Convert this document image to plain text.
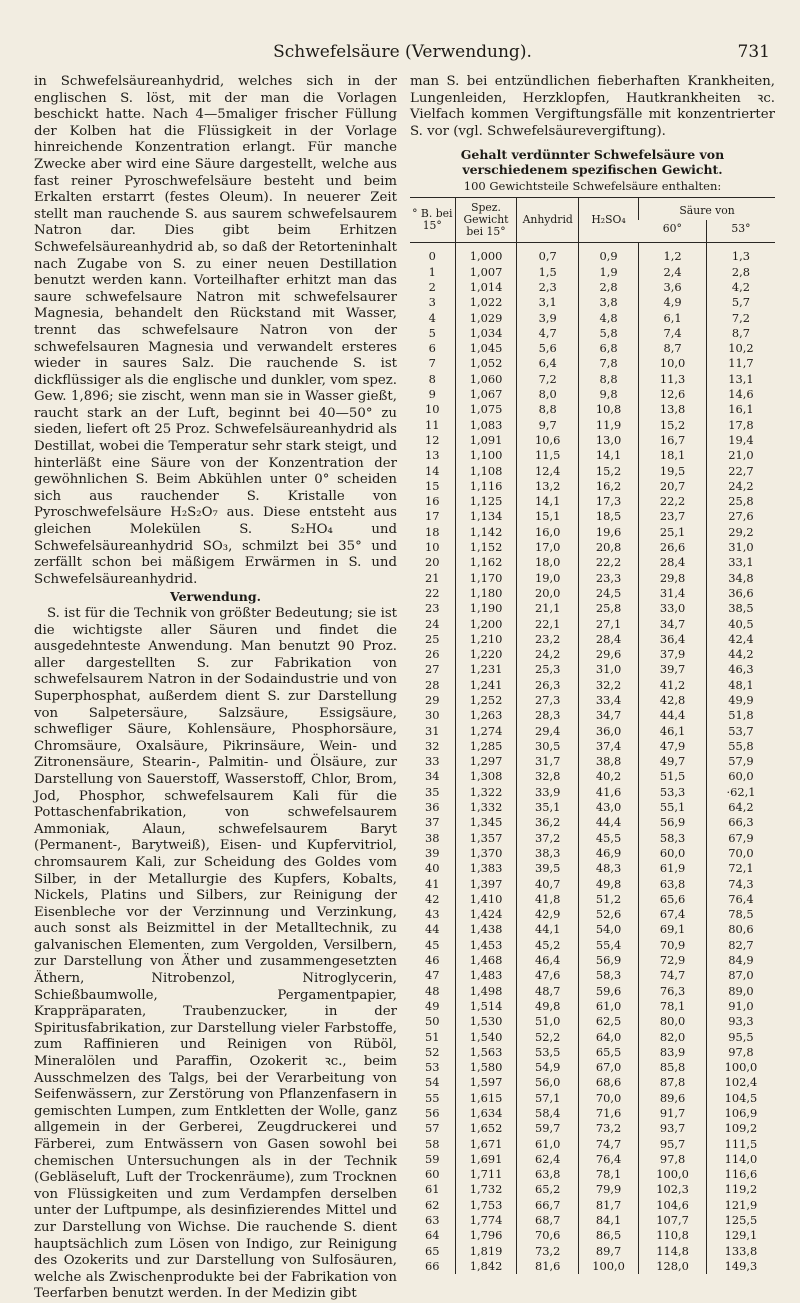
Schwefelsäure (Verwendung).	731

in Schwefelsäureanhydrid, welches sich in der englischen S. löst, mit der man die Vorlagen beschickt hatte. Nach 4—5maliger frischer Füllung der Kolben hat die Flüssigkeit in der Vorlage hinreichende Konzentration erlangt. Für manche Zwecke aber wird eine Säure dargestellt, welche aus fast reiner Pyroschwefelsäure besteht und beim Erkalten erstarrt (festes Oleum). In neuerer Zeit stellt man rauchende S. aus saurem schwefelsaurem Natron dar. Dies gibt beim Erhitzen Schwefelsäureanhydrid ab, so daß der Retorteninhalt nach Zugabe von S. zu einer neuen Destillation benutzt werden kann. Vorteilhafter erhitzt man das saure schwefelsaure Natron mit schwefelsaurer Magnesia, behandelt den Rückstand mit Wasser, trennt das schwefelsaure Natron von der schwefelsauren Magnesia und verwandelt ersteres wieder in saures Salz. Die rauchende S. ist dickflüssiger als die englische und dunkler, vom spez. Gew. 1,896; sie zischt, wenn man sie in Wasser gießt, raucht stark an der Luft, beginnt bei 40—50° zu sieden, liefert oft 25 Proz. Schwefelsäureanhydrid als Destillat, wobei die Temperatur sehr stark steigt, und hinterläßt eine Säure von der Konzentration der gewöhnlichen S. Beim Abkühlen unter 0° scheiden sich aus rauchender S. Kristalle von Pyroschwefelsäure H₂S₂O₇ aus. Diese entsteht aus gleichen Molekülen S. S₂HO₄ und Schwefelsäureanhydrid SO₃, schmilzt bei 35° und zerfällt schon bei mäßigem Erwärmen in S. und Schwefelsäureanhydrid.

Verwendung.

S. ist für die Technik von größter Bedeutung; sie ist die wichtigste aller Säuren und findet die ausgedehnteste Anwendung. Man benutzt 90 Proz. aller dargestellten S. zur Fabrikation von schwefelsaurem Natron in der Sodaindustrie und von Superphosphat, außerdem dient S. zur Darstellung von Salpetersäure, Salzsäure, Essigsäure, schwefliger Säure, Kohlensäure, Phosphorsäure, Chromsäure, Oxalsäure, Pikrinsäure, Wein- und Zitronensäure, Stearin-, Palmitin- und Ölsäure, zur Darstellung von Sauerstoff, Wasserstoff, Chlor, Brom, Jod, Phosphor, schwefelsaurem Kali für die Pottaschenfabrikation, von schwefelsaurem Ammoniak, Alaun, schwefelsaurem Baryt (Permanent-, Barytweiß), Eisen- und Kupfervitriol, chromsaurem Kali, zur Scheidung des Goldes vom Silber, in der Metallurgie des Kupfers, Kobalts, Nickels, Platins und Silbers, zur Reinigung der Eisenbleche vor der Verzinnung und Verzinkung, auch sonst als Beizmittel in der Metalltechnik, zu galvanischen Elementen, zum Vergolden, Versilbern, zur Darstellung von Äther und zusammengesetzten Äthern, Nitrobenzol, Nitroglycerin, Schießbaumwolle, Pergamentpapier, Krappräparaten, Traubenzucker, in der Spiritusfabrikation, zur Darstellung vieler Farbstoffe, zum Raffinieren und Reinigen von Rüböl, Mineralölen und Paraffin, Ozokerit ꝛc., beim Ausschmelzen des Talgs, bei der Verarbeitung von Seifenwässern, zur Zerstörung von Pflanzenfasern in gemischten Lumpen, zum Entkletten der Wolle, ganz allgemein in der Gerberei, Zeugdruckerei und Färberei, zum Entwässern von Gasen sowohl bei chemischen Untersuchungen als in der Technik (Gebläseluft, Luft der Trockenräume), zum Trocknen von Flüssigkeiten und zum Verdampfen derselben unter der Luftpumpe, als desinfizierendes Mittel und zur Darstellung von Wichse. Die rauchende S. dient hauptsächlich zum Lösen von Indigo, zur Reinigung des Ozokerits und zur Darstellung von Sulfosäuren, welche als Zwischenprodukte bei der Fabrikation von Teerfarben benutzt werden. In der Medizin gibt

man S. bei entzündlichen fieberhaften Krankheiten, Lungenleiden, Herzklopfen, Hautkrankheiten ꝛc. Vielfach kommen Vergiftungsfälle mit konzentrierter S. vor (vgl. Schwefelsäurevergiftung).

Gehalt verdünnter Schwefelsäure von verschiedenem spezifischen Gewicht.

100 Gewichtsteile Schwefelsäure enthalten:

° B. bei 15°	Spez. Gewicht bei 15°	Anhydrid	H₂SO₄	Säure von	
				60°	53°
0	1,000	0,7	0,9	1,2	1,3
1	1,007	1,5	1,9	2,4	2,8
2	1,014	2,3	2,8	3,6	4,2
3	1,022	3,1	3,8	4,9	5,7
4	1,029	3,9	4,8	6,1	7,2
5	1,034	4,7	5,8	7,4	8,7
6	1,045	5,6	6,8	8,7	10,2
7	1,052	6,4	7,8	10,0	11,7
8	1,060	7,2	8,8	11,3	13,1
9	1,067	8,0	9,8	12,6	14,6
10	1,075	8,8	10,8	13,8	16,1
11	1,083	9,7	11,9	15,2	17,8
12	1,091	10,6	13,0	16,7	19,4
13	1,100	11,5	14,1	18,1	21,0
14	1,108	12,4	15,2	19,5	22,7
15	1,116	13,2	16,2	20,7	24,2
16	1,125	14,1	17,3	22,2	25,8
17	1,134	15,1	18,5	23,7	27,6
18	1,142	16,0	19,6	25,1	29,2
10	1,152	17,0	20,8	26,6	31,0
20	1,162	18,0	22,2	28,4	33,1
21	1,170	19,0	23,3	29,8	34,8
22	1,180	20,0	24,5	31,4	36,6
23	1,190	21,1	25,8	33,0	38,5
24	1,200	22,1	27,1	34,7	40,5
25	1,210	23,2	28,4	36,4	42,4
26	1,220	24,2	29,6	37,9	44,2
27	1,231	25,3	31,0	39,7	46,3
28	1,241	26,3	32,2	41,2	48,1
29	1,252	27,3	33,4	42,8	49,9
30	1,263	28,3	34,7	44,4	51,8
31	1,274	29,4	36,0	46,1	53,7
32	1,285	30,5	37,4	47,9	55,8
33	1,297	31,7	38,8	49,7	57,9
34	1,308	32,8	40,2	51,5	60,0
35	1,322	33,9	41,6	53,3	·62,1
36	1,332	35,1	43,0	55,1	64,2
37	1,345	36,2	44,4	56,9	66,3
38	1,357	37,2	45,5	58,3	67,9
39	1,370	38,3	46,9	60,0	70,0
40	1,383	39,5	48,3	61,9	72,1
41	1,397	40,7	49,8	63,8	74,3
42	1,410	41,8	51,2	65,6	76,4
43	1,424	42,9	52,6	67,4	78,5
44	1,438	44,1	54,0	69,1	80,6
45	1,453	45,2	55,4	70,9	82,7
46	1,468	46,4	56,9	72,9	84,9
47	1,483	47,6	58,3	74,7	87,0
48	1,498	48,7	59,6	76,3	89,0
49	1,514	49,8	61,0	78,1	91,0
50	1,530	51,0	62,5	80,0	93,3
51	1,540	52,2	64,0	82,0	95,5
52	1,563	53,5	65,5	83,9	97,8
53	1,580	54,9	67,0	85,8	100,0
54	1,597	56,0	68,6	87,8	102,4
55	1,615	57,1	70,0	89,6	104,5
56	1,634	58,4	71,6	91,7	106,9
57	1,652	59,7	73,2	93,7	109,2
58	1,671	61,0	74,7	95,7	111,5
59	1,691	62,4	76,4	97,8	114,0
60	1,711	63,8	78,1	100,0	116,6
61	1,732	65,2	79,9	102,3	119,2
62	1,753	66,7	81,7	104,6	121,9
63	1,774	68,7	84,1	107,7	125,5
64	1,796	70,6	86,5	110,8	129,1
65	1,819	73,2	89,7	114,8	133,8
66	1,842	81,6	100,0	128,0	149,3
